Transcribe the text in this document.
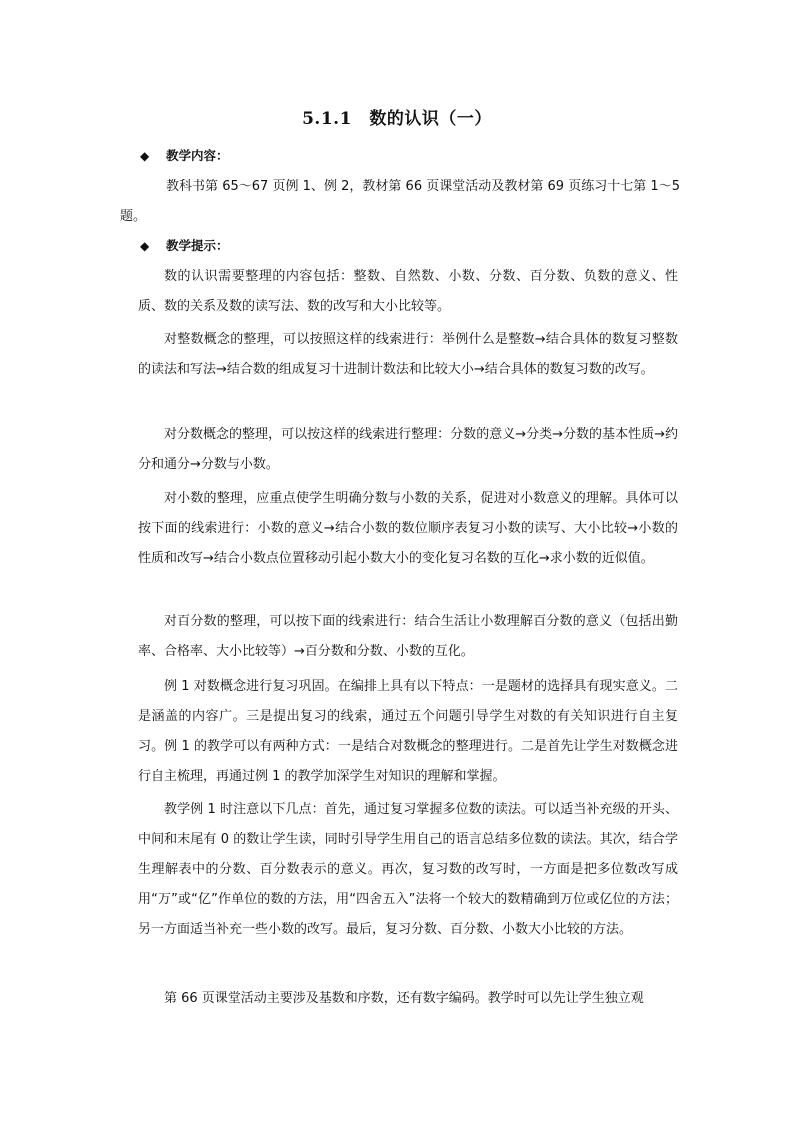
5.1.1　数的认识（一）
◆ 教学内容：
教科书第 65～67 页例 1、例 2，教材第 66 页课堂活动及教材第 69 页练习十七第 1～5 题。
◆ 教学提示：
数的认识需要整理的内容包括：整数、自然数、小数、分数、百分数、负数的意义、性质、数的关系及数的读写法、数的改写和大小比较等。
对整数概念的整理，可以按照这样的线索进行：举例什么是整数→结合具体的数复习整数的读法和写法→结合数的组成复习十进制计数法和比较大小→结合具体的数复习数的改写。
对分数概念的整理，可以按这样的线索进行整理：分数的意义→分类→分数的基本性质→约分和通分→分数与小数。
对小数的整理，应重点使学生明确分数与小数的关系，促进对小数意义的理解。具体可以按下面的线索进行：小数的意义→结合小数的数位顺序表复习小数的读写、大小比较→小数的性质和改写→结合小数点位置移动引起小数大小的变化复习名数的互化→求小数的近似值。
对百分数的整理，可以按下面的线索进行：结合生活让小数理解百分数的意义（包括出勤率、合格率、大小比较等）→百分数和分数、小数的互化。
例 1 对数概念进行复习巩固。在编排上具有以下特点：一是题材的选择具有现实意义。二是涵盖的内容广。三是提出复习的线索，通过五个问题引导学生对数的有关知识进行自主复习。例 1 的教学可以有两种方式：一是结合对数概念的整理进行。二是首先让学生对数概念进行自主梳理，再通过例 1 的教学加深学生对知识的理解和掌握。
教学例 1 时注意以下几点：首先，通过复习掌握多位数的读法。可以适当补充级的开头、中间和末尾有 0 的数让学生读，同时引导学生用自己的语言总结多位数的读法。其次，结合学生理解表中的分数、百分数表示的意义。再次，复习数的改写时，一方面是把多位数改写成用“万”或“亿”作单位的数的方法，用“四舍五入”法将一个较大的数精确到万位或亿位的方法；另一方面适当补充一些小数的改写。最后，复习分数、百分数、小数大小比较的方法。
第 66 页课堂活动主要涉及基数和序数，还有数字编码。教学时可以先让学生独立观
